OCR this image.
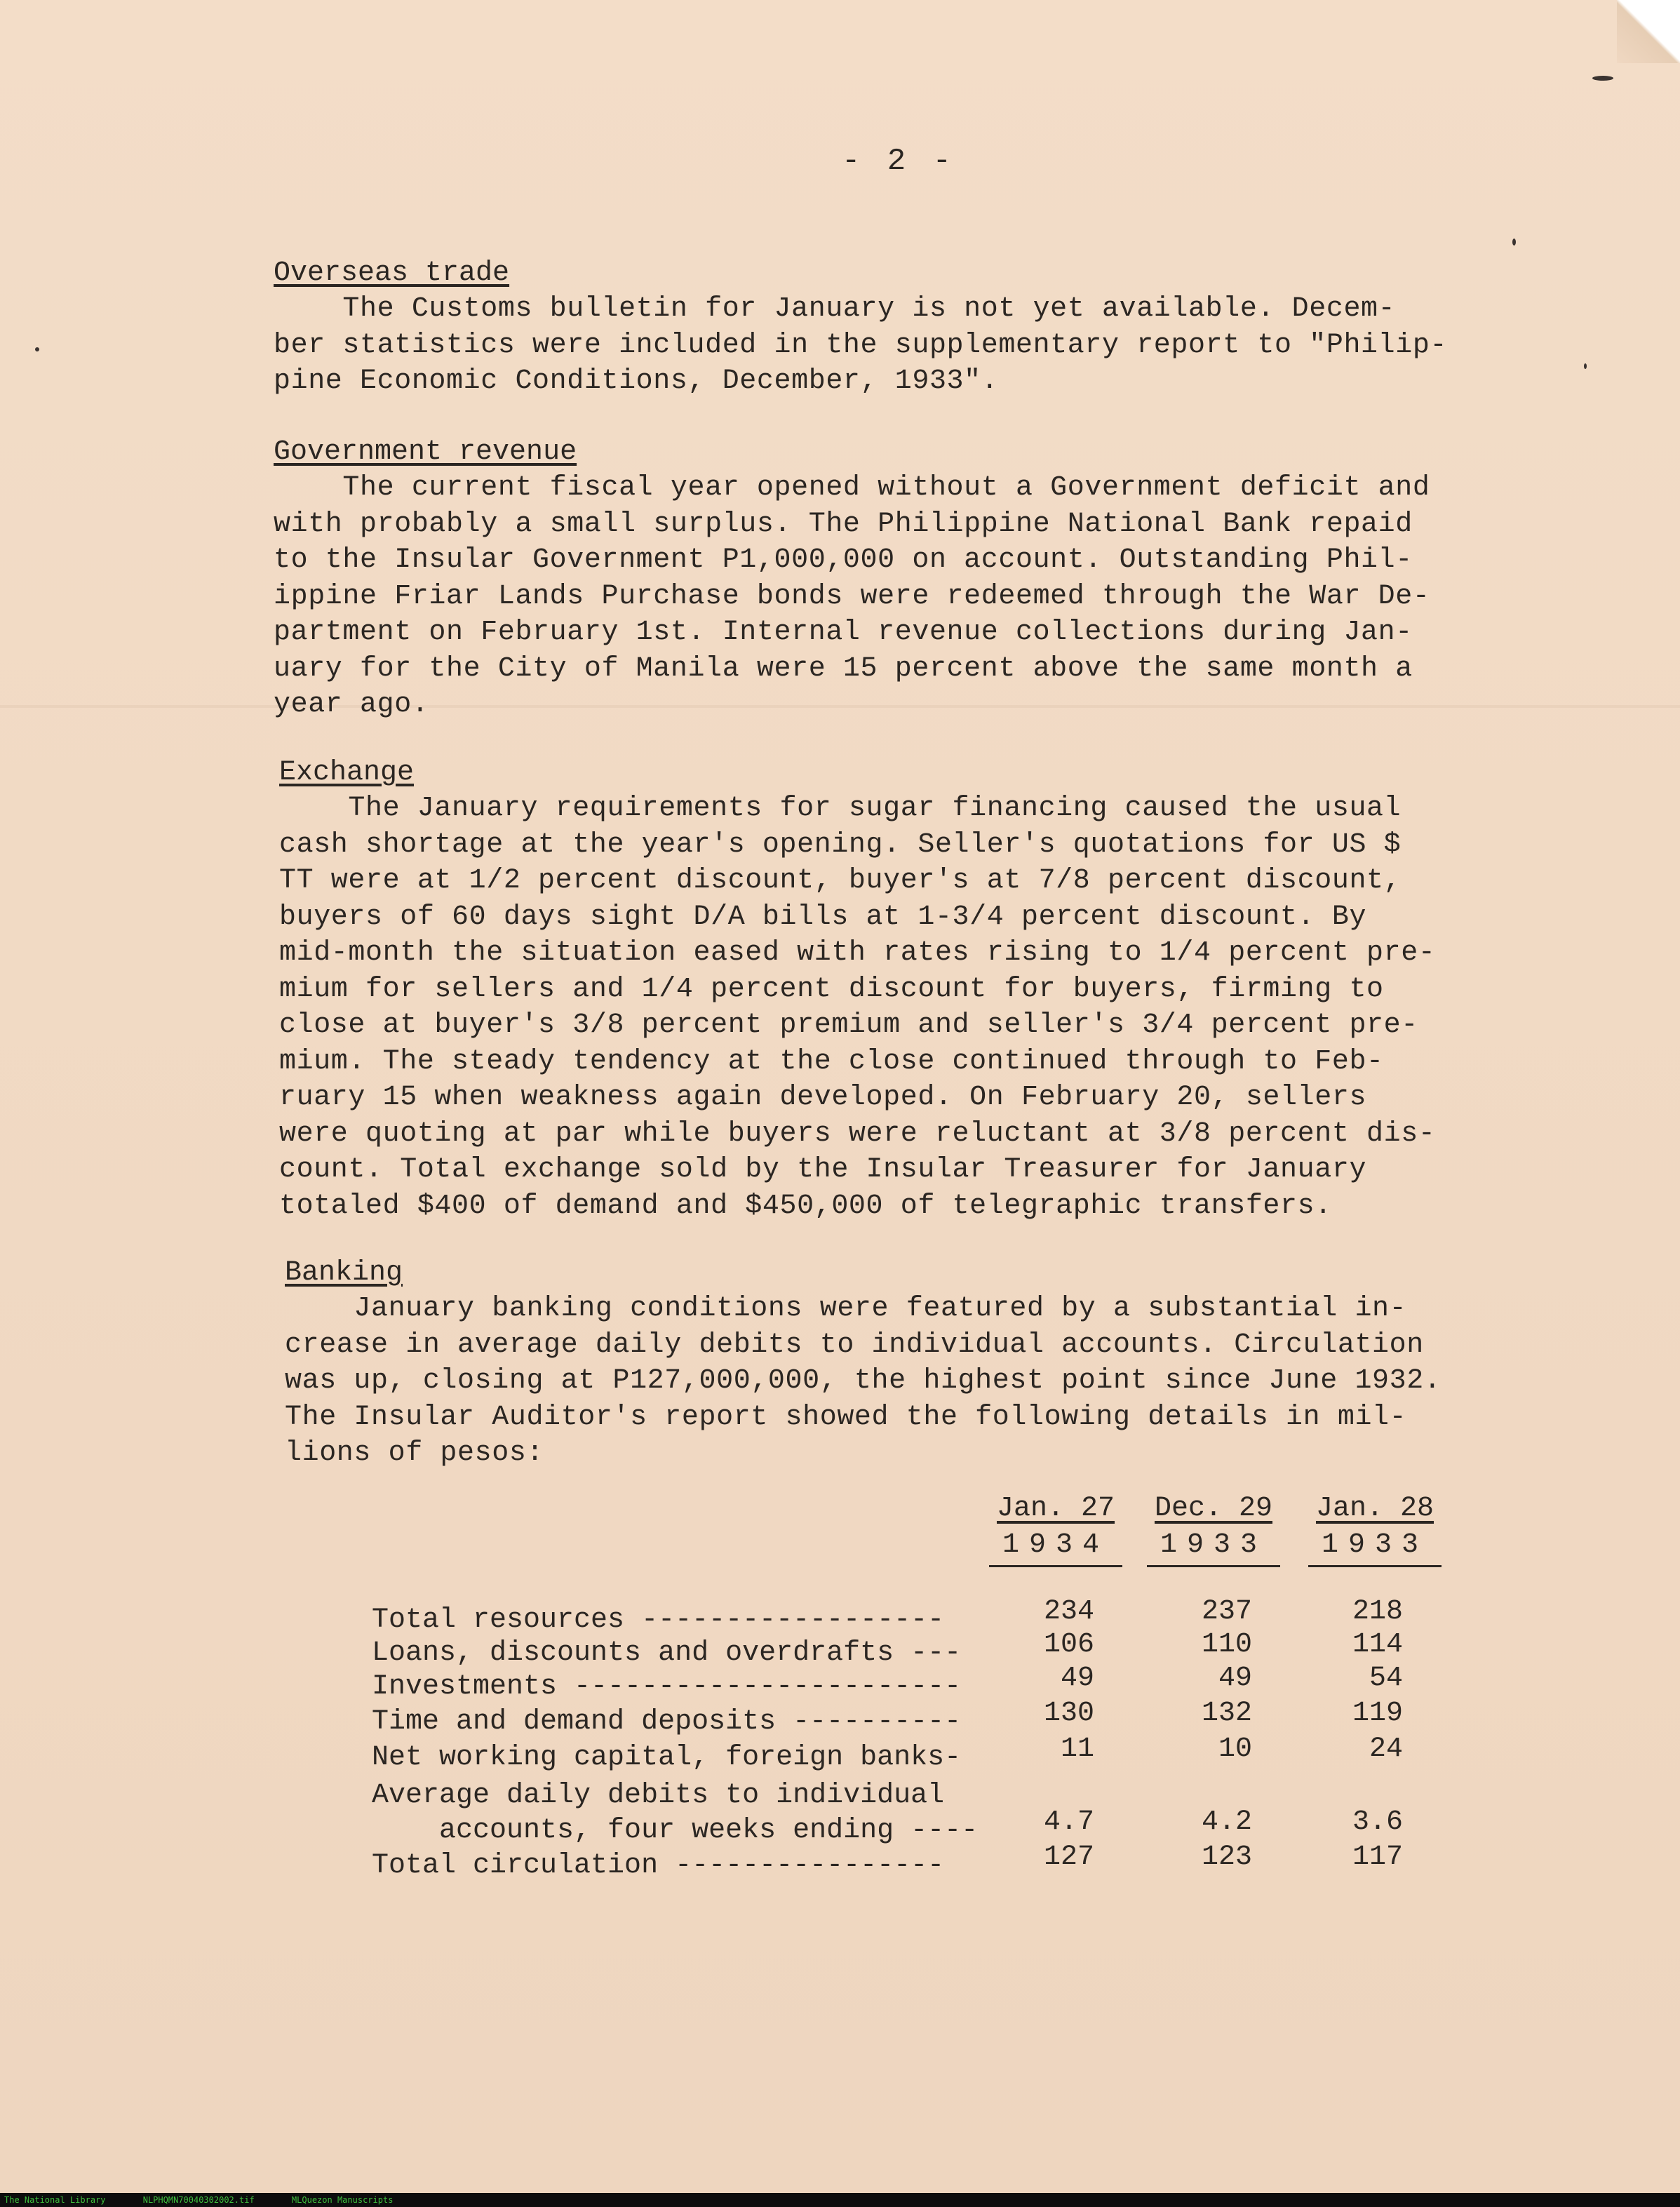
- 2 -

Overseas trade

The Customs bulletin for January is not yet available. Decem-

ber statistics were included in the supplementary report to "Philip-

pine Economic Conditions, December, 1933".

Government revenue

The current fiscal year opened without a Government deficit and

with probably a small surplus. The Philippine National Bank repaid

to the Insular Government P1,000,000 on account. Outstanding Phil-

ippine Friar Lands Purchase bonds were redeemed through the War De-

partment on February 1st. Internal revenue collections during Jan-

uary for the City of Manila were 15 percent above the same month a

year ago.

Exchange

The January requirements for sugar financing caused the usual

cash shortage at the year's opening. Seller's quotations for US $

TT were at 1/2 percent discount, buyer's at 7/8 percent discount,

buyers of 60 days sight D/A bills at 1-3/4 percent discount. By

mid-month the situation eased with rates rising to 1/4 percent pre-

mium for sellers and 1/4 percent discount for buyers, firming to

close at buyer's 3/8 percent premium and seller's 3/4 percent pre-

mium. The steady tendency at the close continued through to Feb-

ruary 15 when weakness again developed. On February 20, sellers

were quoting at par while buyers were reluctant at 3/8 percent dis-

count. Total exchange sold by the Insular Treasurer for January

totaled $400 of demand and $450,000 of telegraphic transfers.

Banking

January banking conditions were featured by a substantial in-

crease in average daily debits to individual accounts. Circulation

was up, closing at P127,000,000, the highest point since June 1932.

The Insular Auditor's report showed the following details in mil-

lions of pesos:

Jan. 27
1934
Dec. 29
1933
Jan. 28
1933
Total resources ------------------	234	237	218
Loans, discounts and overdrafts ---	106	110	114
Investments -----------------------	49	49	54
Time and demand deposits ----------	130	132	119
Net working capital, foreign banks-	11	10	24
Average daily debits to individual
accounts, four weeks ending ----	4.7	4.2	3.6
Total circulation ----------------	127	123	117
The National Library	NLPHQMN70040302002.tif	MLQuezon Manuscripts
